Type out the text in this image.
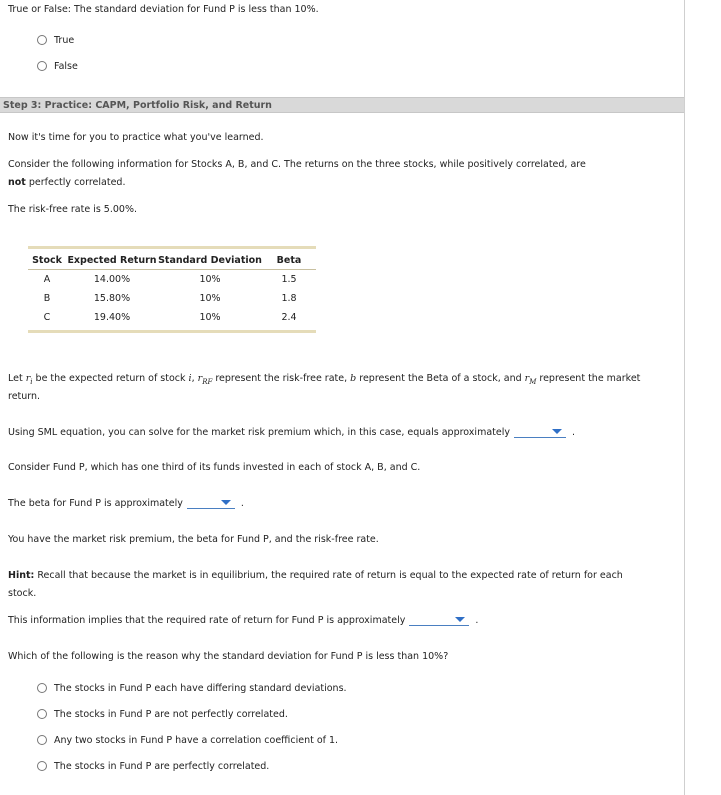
True or False: The standard deviation for Fund P is less than 10%.

True
False
Step 3: Practice: CAPM, Portfolio Risk, and Return

Now it's time for you to practice what you've learned.

Consider the following information for Stocks A, B, and C. The returns on the three stocks, while positively correlated, are

not perfectly correlated.

The risk-free rate is 5.00%.

Stock	Expected Return	Standard Deviation	Beta
A	14.00%	10%	1.5
B	15.80%	10%	1.8
C	19.40%	10%	2.4

Let $r_i$ be the expected return of stock i, $r_{RF}$ represent the risk-free rate, b represent the Beta of a stock, and $r_M$ represent the market

return.

Using SML equation, you can solve for the market risk premium which, in this case, equals approximately	.

Consider Fund P, which has one third of its funds invested in each of stock A, B, and C.

The beta for Fund P is approximately	.

You have the market risk premium, the beta for Fund P, and the risk-free rate.

Hint: Recall that because the market is in equilibrium, the required rate of return is equal to the expected rate of return for each

stock.

This information implies that the required rate of return for Fund P is approximately	.

Which of the following is the reason why the standard deviation for Fund P is less than 10%?

The stocks in Fund P each have differing standard deviations.
The stocks in Fund P are not perfectly correlated.
Any two stocks in Fund P have a correlation coefficient of 1.
The stocks in Fund P are perfectly correlated.
